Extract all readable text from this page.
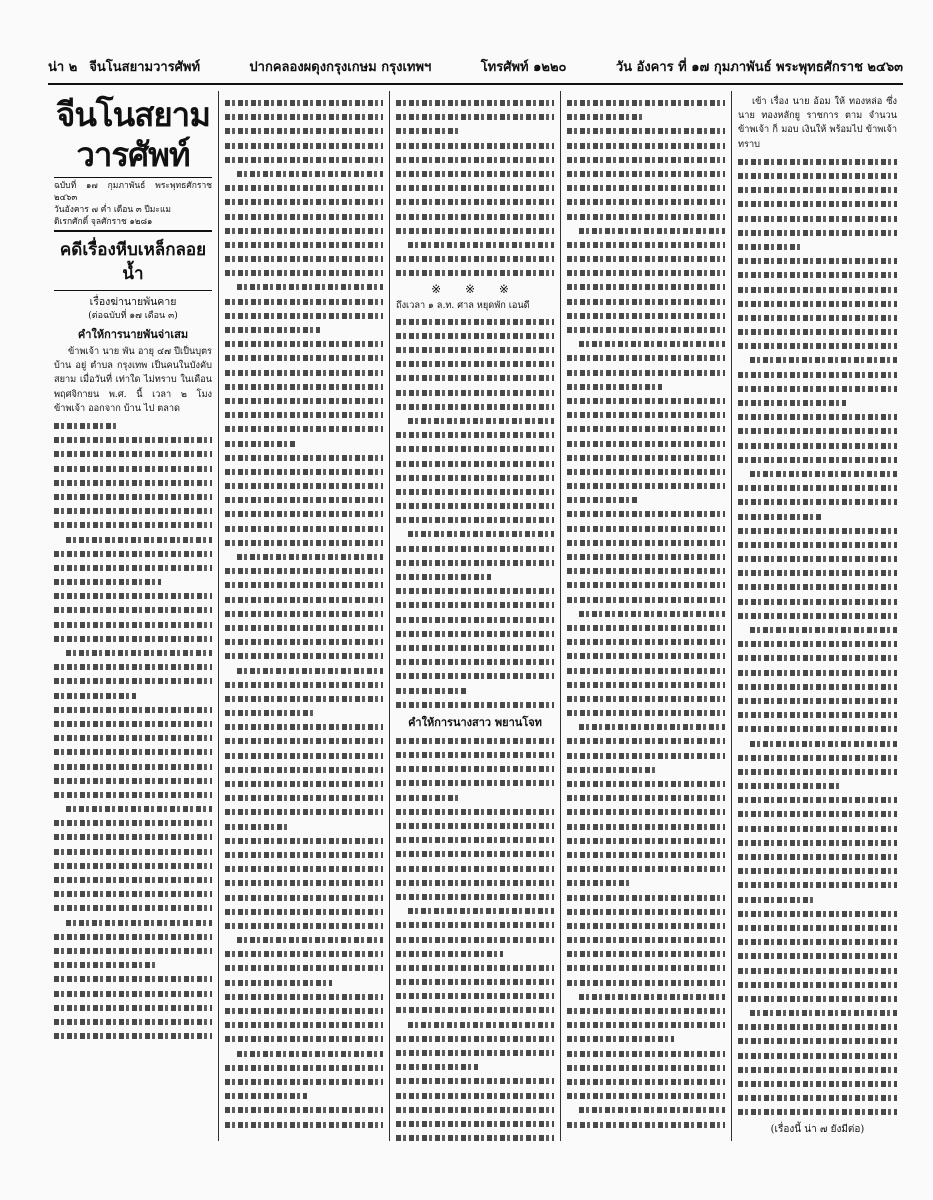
น่า ๒ จีนโนสยามวารศัพท์	ปากคลองผดุงกรุงเกษม กรุงเทพฯ	โทรศัพท์ ๑๒๒๐	วัน อังคาร ที่ ๑๗ กุมภาพันธ์ พระพุทธศักราช ๒๔๖๓
จีนโนสยามวารศัพท์
ฉบับที่ ๑๗ กุมภาพันธ์ พระพุทธศักราช ๒๔๖๓
วันอังคาร ๗ ค่ำ เดือน ๓ ปีมะแม
ดิเรกศักดิ์ จุลศักราช ๑๒๘๑
คดีเรื่องหีบเหล็กลอยน้ำ
เรื่องฆ่านายพันคาย
(ต่อฉบับที่ ๑๗ เดือน ๓)
คำให้การนายพันจ่าเสม

ข้าพเจ้า นาย พัน อายุ ๔๗ ปีเป็นบุตร บ้าน อยู่ ตำบล กรุงเทพ เป็นคนในบังคับสยาม เมื่อวันที่ เท่าใด ไม่ทราบ ในเดือน พฤศจิกายน พ.ศ. นี้ เวลา ๒ โมง ข้าพเจ้า ออกจาก บ้าน ไป ตลาด

※ ※ ※
ถึงเวลา ๑ ล.ท. ศาล หยุดพัก เอนดี
คำให้การนางสาว พยานโจท

เข้า เรื่อง นาย อ้อม ให้ ทองหล่อ ซึ่งนาย ทองหลักยู ราชการ ตาม จำนวน ข้าพเจ้า ก็ มอบ เงินให้ พร้อมไป ข้าพเจ้า ทราบ

(เรื่องนี้ น่า ๗ ยังมีต่อ)
